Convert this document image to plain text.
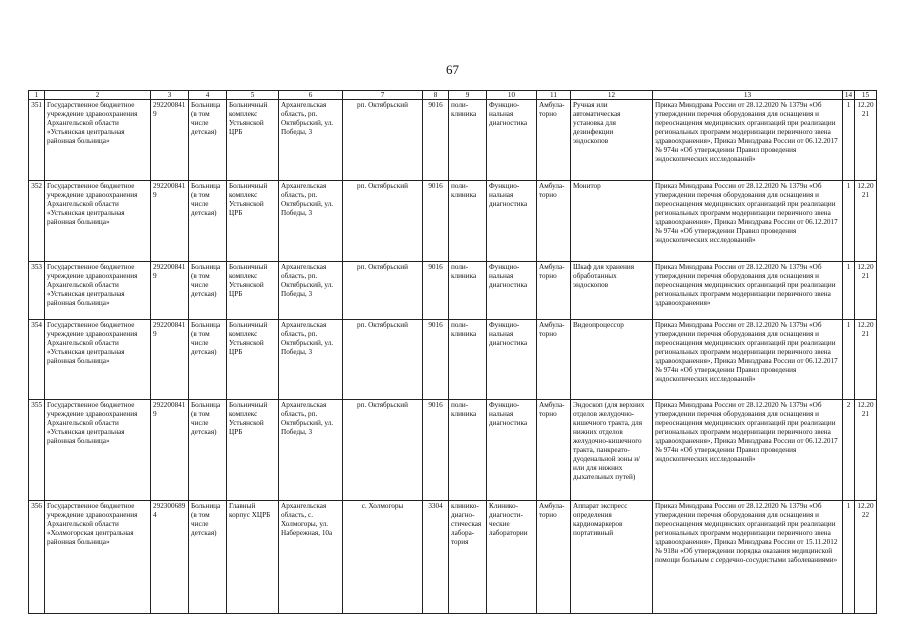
67
1	2	3	4	5	6	7	8	9	10	11	12	13	14	15
351	Государственное бюджетное учреждение здравоохранения Архангельской области «Устьянская центральная районная больница»	2922008419	Больница (в том числе детская)	Больничный комплекс Устьянской ЦРБ	Архангельская область, рп. Октябрьский, ул. Победы, 3	рп. Октябрьский	9016	поли-клиника	Функцио-нальная диагностика	Амбула-торно	Ручная или автоматическая установка для дезинфекции эндоскопов	Приказ Минздрава России от 28.12.2020 № 1379н «Об утверждении перечня оборудования для оснащения и переоснащения медицинских организаций при реализации региональных программ модернизации первичного звена здравоохранения», Приказ Минздрава России от 06.12.2017 № 974н «Об утверждении Правил проведения эндоскопических исследований»	1	12.2021
352	Государственное бюджетное учреждение здравоохранения Архангельской области «Устьянская центральная районная больница»	2922008419	Больница (в том числе детская)	Больничный комплекс Устьянской ЦРБ	Архангельская область, рп. Октябрьский, ул. Победы, 3	рп. Октябрьский	9016	поли-клиника	Функцио-нальная диагностика	Амбула-торно	Монитор	Приказ Минздрава России от 28.12.2020 № 1379н «Об утверждении перечня оборудования для оснащения и переоснащения медицинских организаций при реализации региональных программ модернизации первичного звена здравоохранения», Приказ Минздрава России от 06.12.2017 № 974н «Об утверждении Правил проведения эндоскопических исследований»	1	12.2021
353	Государственное бюджетное учреждение здравоохранения Архангельской области «Устьянская центральная районная больница»	2922008419	Больница (в том числе детская)	Больничный комплекс Устьянской ЦРБ	Архангельская область, рп. Октябрьский, ул. Победы, 3	рп. Октябрьский	9016	поли-клиника	Функцио-нальная диагностика	Амбула-торно	Шкаф для хранения обработанных эндоскопов	Приказ Минздрава России от 28.12.2020 № 1379н «Об утверждении перечня оборудования для оснащения и переоснащения медицинских организаций при реализации региональных программ модернизации первичного звена здравоохранения»	1	12.2021
354	Государственное бюджетное учреждение здравоохранения Архангельской области «Устьянская центральная районная больница»	2922008419	Больница (в том числе детская)	Больничный комплекс Устьянской ЦРБ	Архангельская область, рп. Октябрьский, ул. Победы, 3	рп. Октябрьский	9016	поли-клиника	Функцио-нальная диагностика	Амбула-торно	Видеопроцессор	Приказ Минздрава России от 28.12.2020 № 1379н «Об утверждении перечня оборудования для оснащения и переоснащения медицинских организаций при реализации региональных программ модернизации первичного звена здравоохранения», Приказ Минздрава России от 06.12.2017 № 974н «Об утверждении Правил проведения эндоскопических исследований»	1	12.2021
355	Государственное бюджетное учреждение здравоохранения Архангельской области «Устьянская центральная районная больница»	2922008419	Больница (в том числе детская)	Больничный комплекс Устьянской ЦРБ	Архангельская область, рп. Октябрьский, ул. Победы, 3	рп. Октябрьский	9016	поли-клиника	Функцио-нальная диагностика	Амбула-торно	Эндоскоп (для верхних отделов желудочно-кишечного тракта, для нижних отделов желудочно-кишечного тракта, панкреато-дуоденальной зоны и/или для нижних дыхательных путей)	Приказ Минздрава России от 28.12.2020 № 1379н «Об утверждении перечня оборудования для оснащения и переоснащения медицинских организаций при реализации региональных программ модернизации первичного звена здравоохранения», Приказ Минздрава России от 06.12.2017 № 974н «Об утверждении Правил проведения эндоскопических исследований»	2	12.2021
356	Государственное бюджетное учреждение здравоохранения Архангельской области «Холмогорская центральная районная больница»	2923006894	Больница (в том числе детская)	Главный корпус ХЦРБ	Архангельская область, с. Холмогоры, ул. Набережная, 10а	с. Холмогоры	3304	клинико-диагно-стическая лабора-тория	Клинико-диагности-ческие лаборатории	Амбула-торно	Аппарат экспресс определения кардиомаркеров портативный	Приказ Минздрава России от 28.12.2020 № 1379н «Об утверждении перечня оборудования для оснащения и переоснащения медицинских организаций при реализации региональных программ модернизации первичного звена здравоохранения», Приказ Минздрава России от 15.11.2012 № 918н «Об утверждении порядка оказания медицинской помощи больным с сердечно-сосудистыми заболеваниями»	1	12.2022
